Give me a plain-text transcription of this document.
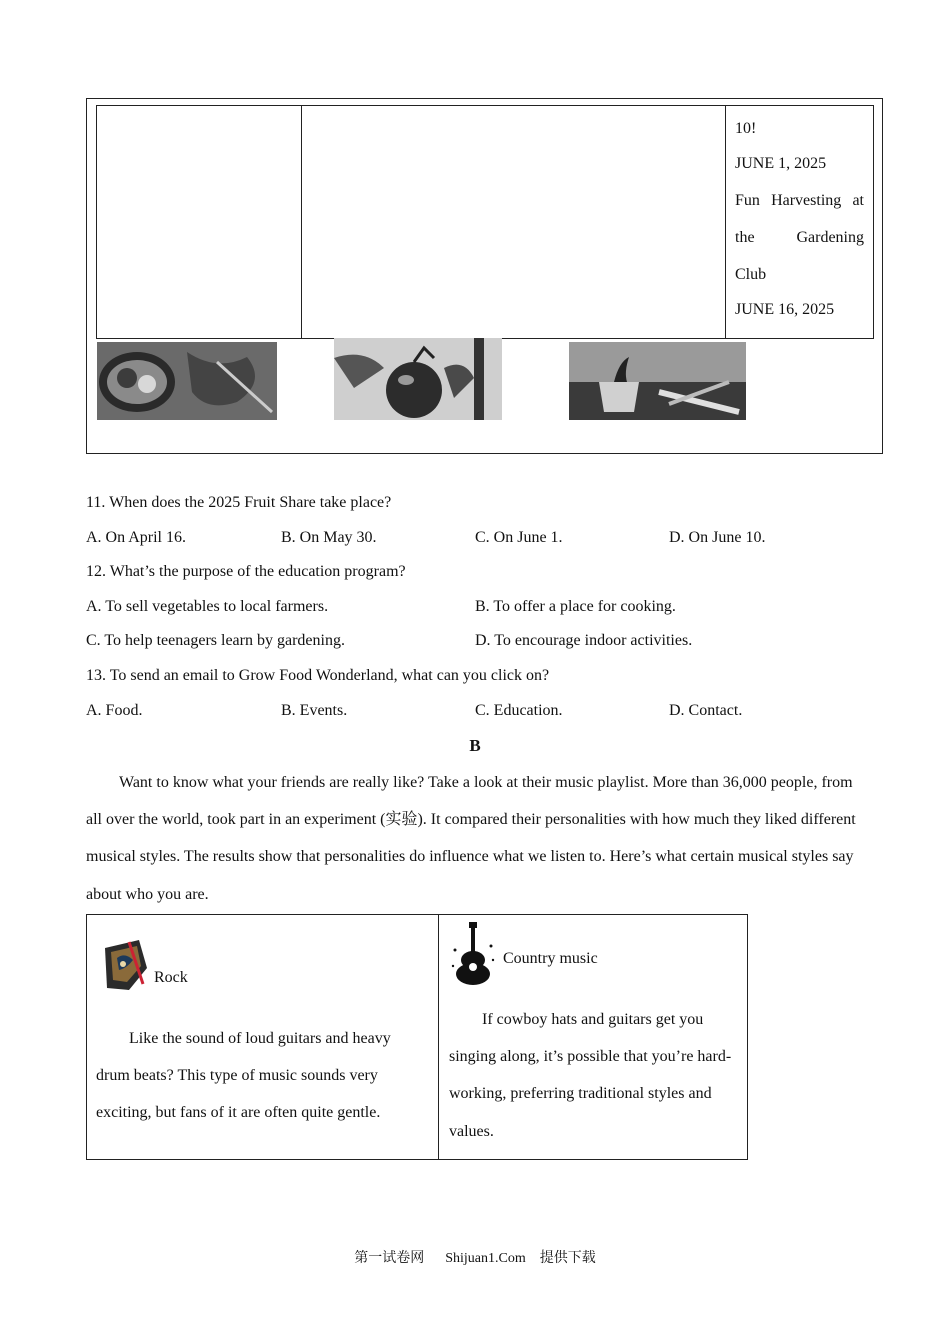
10!
JUNE 1, 2025
Fun Harvesting at
the Gardening
Club
JUNE 16, 2025
11. When does the 2025 Fruit Share take place?
A. On April 16.	B. On May 30.	C. On June 1.	D. On June 10.
12. What’s the purpose of the education program?
A. To sell vegetables to local farmers.	B. To offer a place for cooking.
C. To help teenagers learn by gardening.	D. To encourage indoor activities.
13. To send an email to Grow Food Wonderland, what can you click on?
A. Food.	B. Events.	C. Education.	D. Contact.
B

Want to know what your friends are really like? Take a look at their music playlist. More than 36,000 people, from all over the world, took part in an experiment (实验). It compared their personalities with how much they liked different musical styles. The results show that personalities do influence what we listen to. Here’s what certain musical styles say about who you are.

Rock

Like the sound of loud guitars and heavy drum beats? This type of music sounds very exciting, but fans of it are often quite gentle.

Country music

If cowboy hats and guitars get you singing along, it’s possible that you’re hard-working, preferring traditional styles and values.

第一试卷网      Shijuan1.Com    提供下载
